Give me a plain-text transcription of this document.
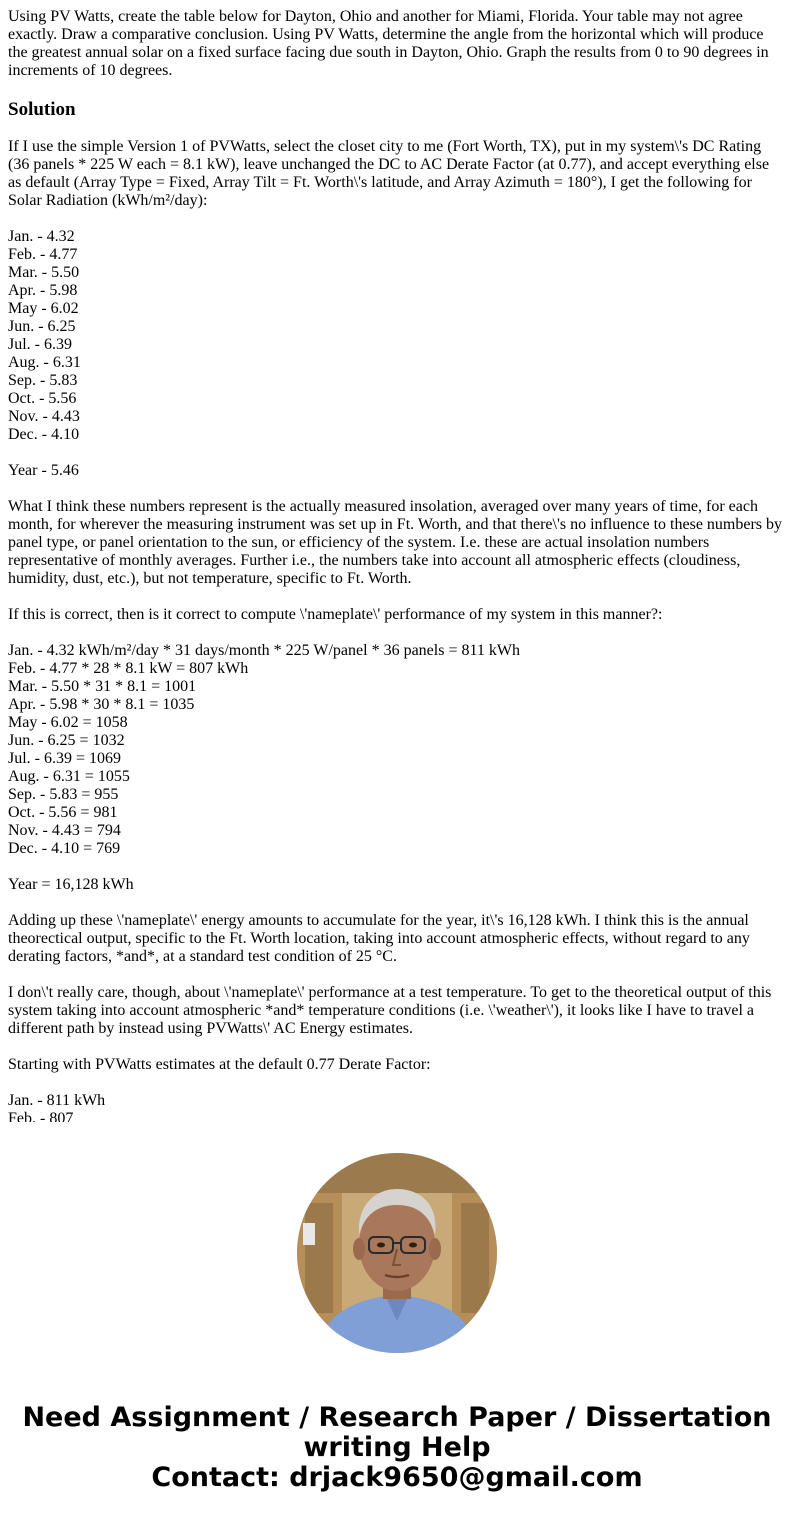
Using PV Watts, create the table below for Dayton, Ohio and another for Miami, Florida. Your table may not agree exactly. Draw a comparative conclusion. Using PV Watts, determine the angle from the horizontal which will produce the greatest annual solar on a fixed surface facing due south in Dayton, Ohio. Graph the results from 0 to 90 degrees in increments of 10 degrees.

Solution
If I use the simple Version 1 of PVWatts, select the closet city to me (Fort Worth, TX), put in my system\'s DC Rating (36 panels * 225 W each = 8.1 kW), leave unchanged the DC to AC Derate Factor (at 0.77), and accept everything else as default (Array Type = Fixed, Array Tilt = Ft. Worth\'s latitude, and Array Azimuth = 180°), I get the following for Solar Radiation (kWh/m²/day):
Jan. - 4.32
Feb. - 4.77
Mar. - 5.50
Apr. - 5.98
May - 6.02
Jun. - 6.25
Jul. - 6.39
Aug. - 6.31
Sep. - 5.83
Oct. - 5.56
Nov. - 4.43
Dec. - 4.10
Year - 5.46
What I think these numbers represent is the actually measured insolation, averaged over many years of time, for each month, for wherever the measuring instrument was set up in Ft. Worth, and that there\'s no influence to these numbers by panel type, or panel orientation to the sun, or efficiency of the system. I.e. these are actual insolation numbers representative of monthly averages. Further i.e., the numbers take into account all atmospheric effects (cloudiness, humidity, dust, etc.), but not temperature, specific to Ft. Worth.
If this is correct, then is it correct to compute \'nameplate\' performance of my system in this manner?:
Jan. - 4.32 kWh/m²/day * 31 days/month * 225 W/panel * 36 panels = 811 kWh
Feb. - 4.77 * 28 * 8.1 kW = 807 kWh
Mar. - 5.50 * 31 * 8.1 = 1001
Apr. - 5.98 * 30 * 8.1 = 1035
May - 6.02 = 1058
Jun. - 6.25 = 1032
Jul. - 6.39 = 1069
Aug. - 6.31 = 1055
Sep. - 5.83 = 955
Oct. - 5.56 = 981
Nov. - 4.43 = 794
Dec. - 4.10 = 769
Year = 16,128 kWh
Adding up these \'nameplate\' energy amounts to accumulate for the year, it\'s 16,128 kWh. I think this is the annual theorectical output, specific to the Ft. Worth location, taking into account atmospheric effects, without regard to any derating factors, *and*, at a standard test condition of 25 °C.
I don\'t really care, though, about \'nameplate\' performance at a test temperature. To get to the theoretical output of this system taking into account atmospheric *and* temperature conditions (i.e. \'weather\'), it looks like I have to travel a different path by instead using PVWatts\' AC Energy estimates.
Starting with PVWatts estimates at the default 0.77 Derate Factor:
Jan. - 811 kWh
Feb. - 807
Need Assignment / Research Paper / Dissertation
writing Help
Contact: drjack9650@gmail.com
